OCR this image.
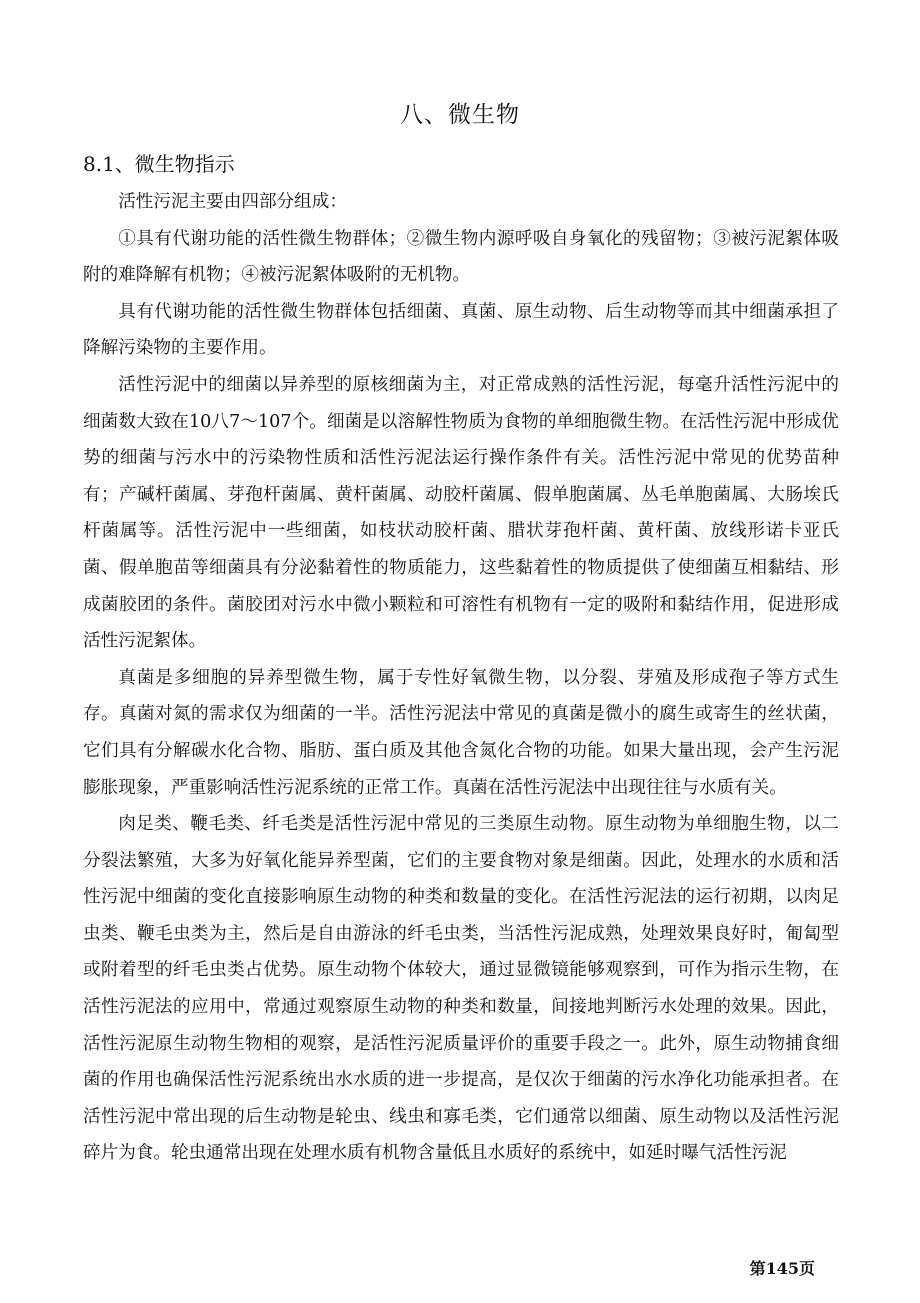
八、微生物
8.1、微生物指示

活性污泥主要由四部分组成：

①具有代谢功能的活性微生物群体；②微生物内源呼吸自身氧化的残留物；③被污泥絮体吸附的难降解有机物；④被污泥絮体吸附的无机物。

具有代谢功能的活性微生物群体包括细菌、真菌、原生动物、后生动物等而其中细菌承担了降解污染物的主要作用。

活性污泥中的细菌以异养型的原核细菌为主，对正常成熟的活性污泥，每毫升活性污泥中的细菌数大致在10八7～107个。细菌是以溶解性物质为食物的单细胞微生物。在活性污泥中形成优势的细菌与污水中的污染物性质和活性污泥法运行操作条件有关。活性污泥中常见的优势苗种有；产碱杆菌属、芽孢杆菌属、黄杆菌属、动胶杆菌属、假单胞菌属、丛毛单胞菌属、大肠埃氏杆菌属等。活性污泥中一些细菌，如枝状动胶杆菌、腊状芽孢杆菌、黄杆菌、放线形诺卡亚氏菌、假单胞苗等细菌具有分泌黏着性的物质能力，这些黏着性的物质提供了使细菌互相黏结、形成菌胶团的条件。菌胶团对污水中微小颗粒和可溶性有机物有一定的吸附和黏结作用，促进形成活性污泥絮体。

真菌是多细胞的异养型微生物，属于专性好氧微生物，以分裂、芽殖及形成孢子等方式生存。真菌对氮的需求仅为细菌的一半。活性污泥法中常见的真菌是微小的腐生或寄生的丝状菌，它们具有分解碳水化合物、脂肪、蛋白质及其他含氮化合物的功能。如果大量出现，会产生污泥膨胀现象，严重影响活性污泥系统的正常工作。真菌在活性污泥法中出现往往与水质有关。

肉足类、鞭毛类、纤毛类是活性污泥中常见的三类原生动物。原生动物为单细胞生物，以二分裂法繁殖，大多为好氧化能异养型菌，它们的主要食物对象是细菌。因此，处理水的水质和活性污泥中细菌的变化直接影响原生动物的种类和数量的变化。在活性污泥法的运行初期，以肉足虫类、鞭毛虫类为主，然后是自由游泳的纤毛虫类，当活性污泥成熟，处理效果良好时，匍匐型或附着型的纤毛虫类占优势。原生动物个体较大，通过显微镜能够观察到，可作为指示生物，在活性污泥法的应用中，常通过观察原生动物的种类和数量，间接地判断污水处理的效果。因此，活性污泥原生动物生物相的观察，是活性污泥质量评价的重要手段之一。此外，原生动物捕食细菌的作用也确保活性污泥系统出水水质的进一步提高，是仅次于细菌的污水净化功能承担者。在活性污泥中常出现的后生动物是轮虫、线虫和寡毛类，它们通常以细菌、原生动物以及活性污泥碎片为食。轮虫通常出现在处理水质有机物含量低且水质好的系统中，如延时曝气活性污泥

第145页
